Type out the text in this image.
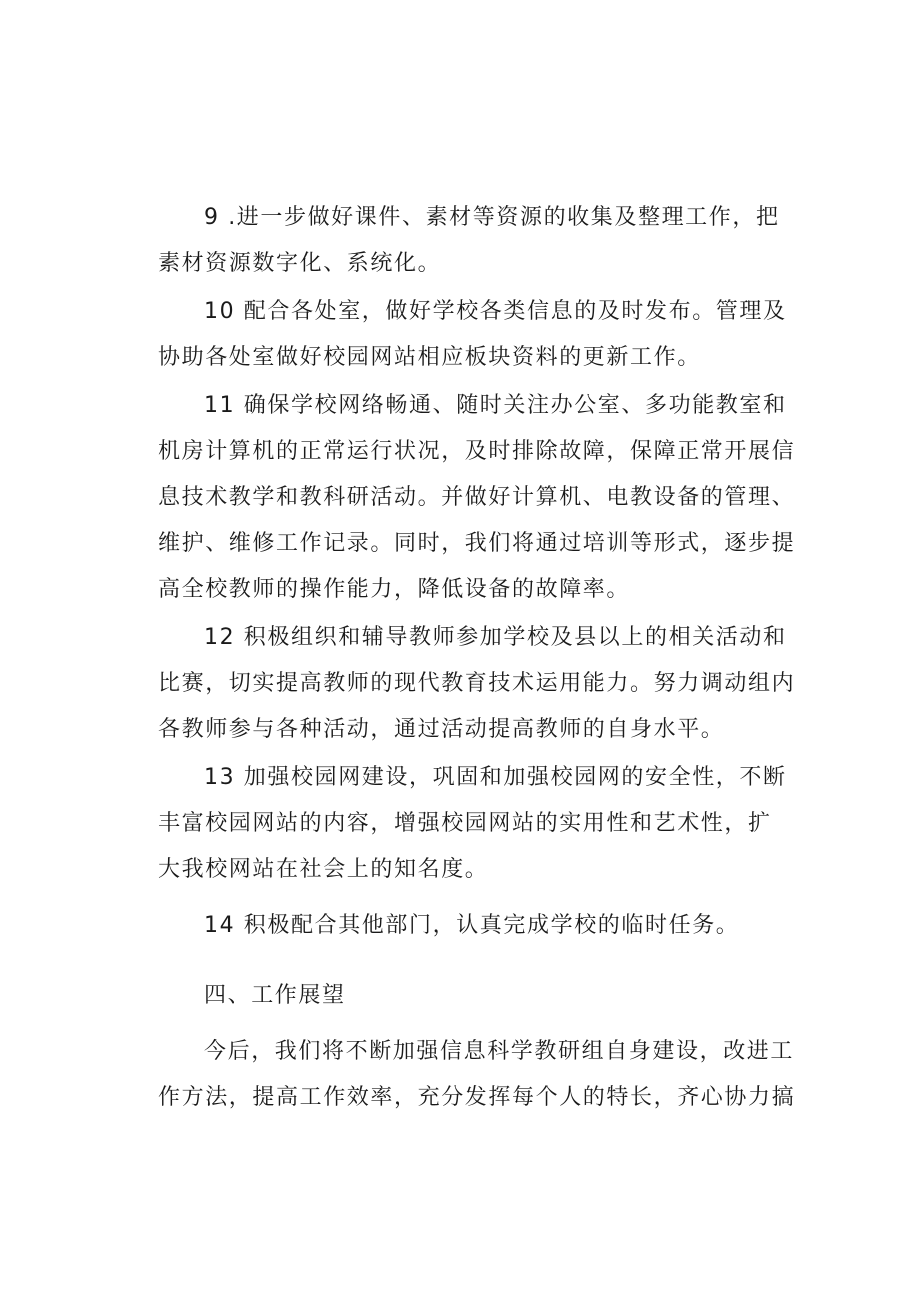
9 .进一步做好课件、素材等资源的收集及整理工作，把
素材资源数字化、系统化。
10 配合各处室，做好学校各类信息的及时发布。管理及
协助各处室做好校园网站相应板块资料的更新工作。
11 确保学校网络畅通、随时关注办公室、多功能教室和
机房计算机的正常运行状况，及时排除故障，保障正常开展信
息技术教学和教科研活动。并做好计算机、电教设备的管理、
维护、维修工作记录。同时，我们将通过培训等形式，逐步提
高全校教师的操作能力，降低设备的故障率。
12 积极组织和辅导教师参加学校及县以上的相关活动和
比赛，切实提高教师的现代教育技术运用能力。努力调动组内
各教师参与各种活动，通过活动提高教师的自身水平。
13 加强校园网建设，巩固和加强校园网的安全性，不断
丰富校园网站的内容，增强校园网站的实用性和艺术性，扩
大我校网站在社会上的知名度。
14 积极配合其他部门，认真完成学校的临时任务。
四、工作展望
今后，我们将不断加强信息科学教研组自身建设，改进工
作方法，提高工作效率，充分发挥每个人的特长，齐心协力搞
